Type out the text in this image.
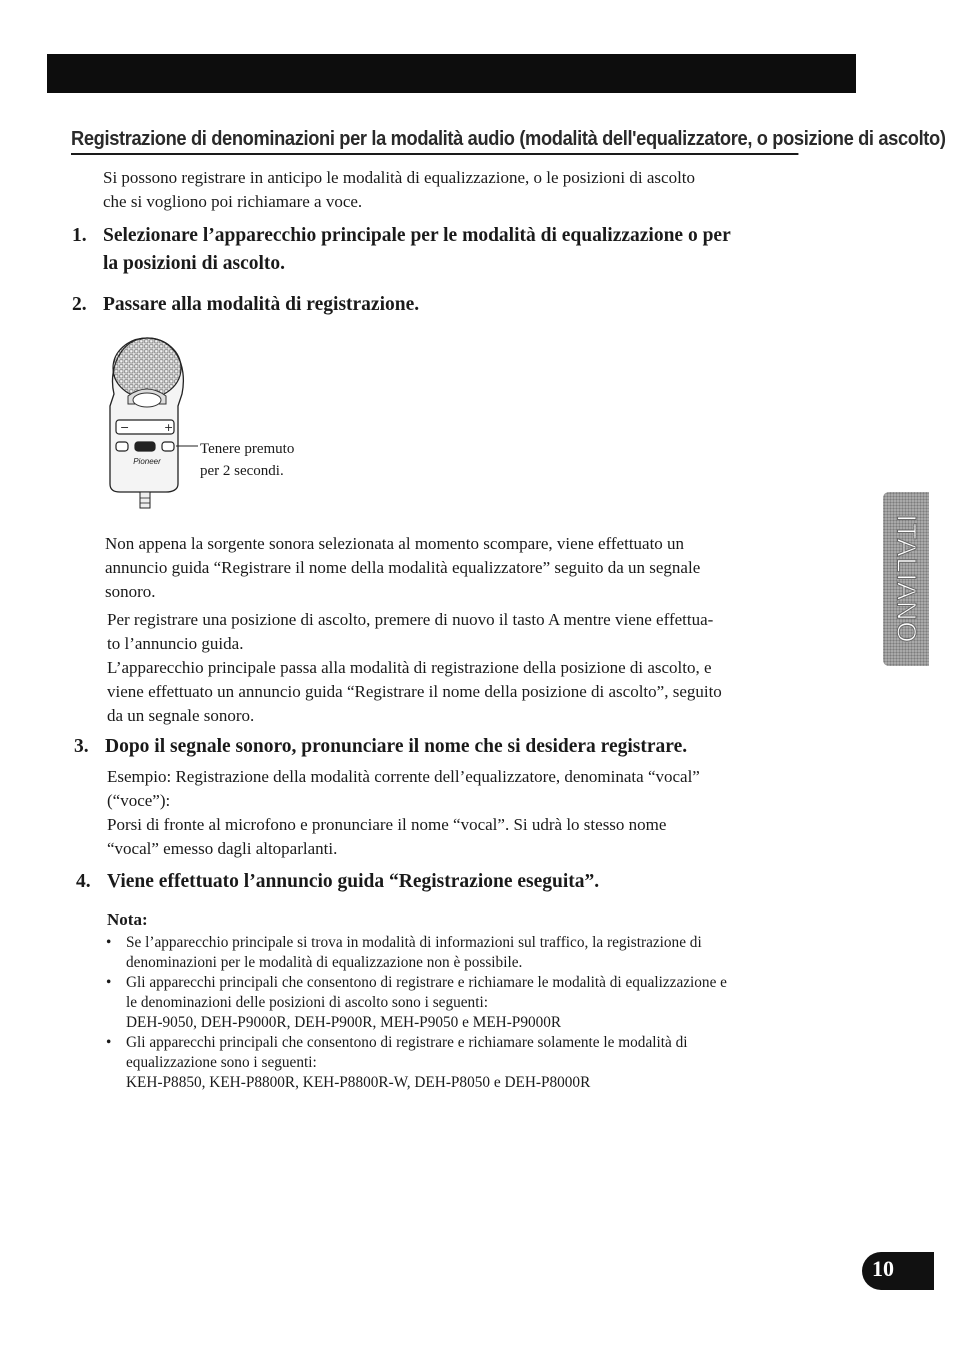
Registrazione di denominazioni per la modalità audio (modalità dell'equalizzatore, o posizione di ascolto)
Si possono registrare in anticipo le modalità di equalizzazione, o le posizioni di ascolto
che si vogliono poi richiamare a voce.
1. Selezionare l’apparecchio principale per le modalità di equalizzazione o per
la posizioni di ascolto.
2. Passare alla modalità di registrazione.
−	+
Pioneer
Tenere premuto
per 2 secondi.
Non appena la sorgente sonora selezionata al momento scompare, viene effettuato un
annuncio guida “Registrare il nome della modalità equalizzatore” seguito da un segnale
sonoro.
Per registrare una posizione di ascolto, premere di nuovo il tasto A mentre viene effettua-
to l’annuncio guida.
L’apparecchio principale passa alla modalità di registrazione della posizione di ascolto, e
viene effettuato un annuncio guida “Registrare il nome della posizione di ascolto”, seguito
da un segnale sonoro.
3. Dopo il segnale sonoro, pronunciare il nome che si desidera registrare.
Esempio: Registrazione della modalità corrente dell’equalizzatore, denominata “vocal”
(“voce”):
Porsi di fronte al microfono e pronunciare il nome “vocal”. Si udrà lo stesso nome
“vocal” emesso dagli altoparlanti.
4. Viene effettuato l’annuncio guida “Registrazione eseguita”.
Nota:
• Se l’apparecchio principale si trova in modalità di informazioni sul traffico, la registrazione di
denominazioni per le modalità di equalizzazione non è possibile.
• Gli apparecchi principali che consentono di registrare e richiamare le modalità di equalizzazione e
le denominazioni delle posizioni di ascolto sono i seguenti:
DEH-9050, DEH-P9000R, DEH-P900R, MEH-P9050 e MEH-P9000R
• Gli apparecchi principali che consentono di registrare e richiamare solamente le modalità di
equalizzazione sono i seguenti:
KEH-P8850, KEH-P8800R, KEH-P8800R-W, DEH-P8050 e DEH-P8000R
ITALIANO
10
